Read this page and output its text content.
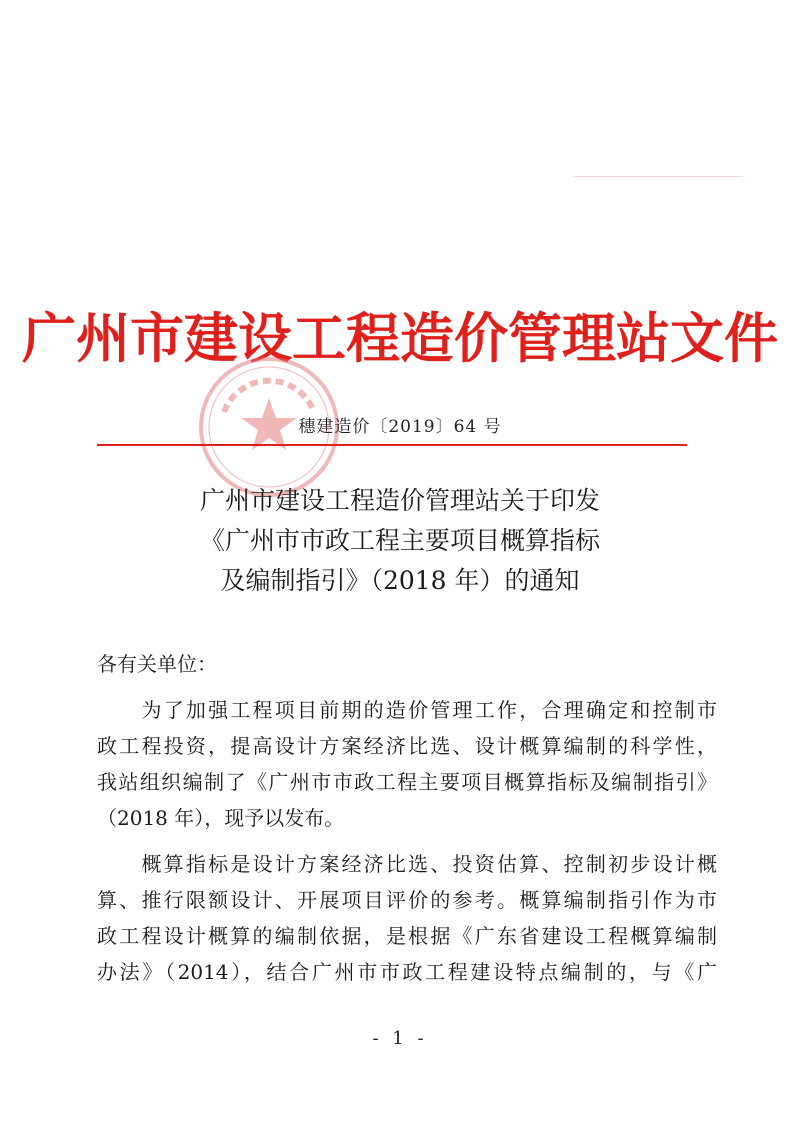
广州市建设工程造价管理站文件
穗建造价〔2019〕64 号
广州市建设工程造价管理站关于印发
《广州市市政工程主要项目概算指标
及编制指引》（2018 年）的通知
各有关单位：
　　为了加强工程项目前期的造价管理工作，合理确定和控制市
政工程投资，提高设计方案经济比选、设计概算编制的科学性，
我站组织编制了《广州市市政工程主要项目概算指标及编制指引》
（2018 年），现予以发布。
　　概算指标是设计方案经济比选、投资估算、控制初步设计概
算、推行限额设计、开展项目评价的参考。概算编制指引作为市
政工程设计概算的编制依据，是根据《广东省建设工程概算编制
办法》（2014），结合广州市市政工程建设特点编制的，与《广
- 1 -
